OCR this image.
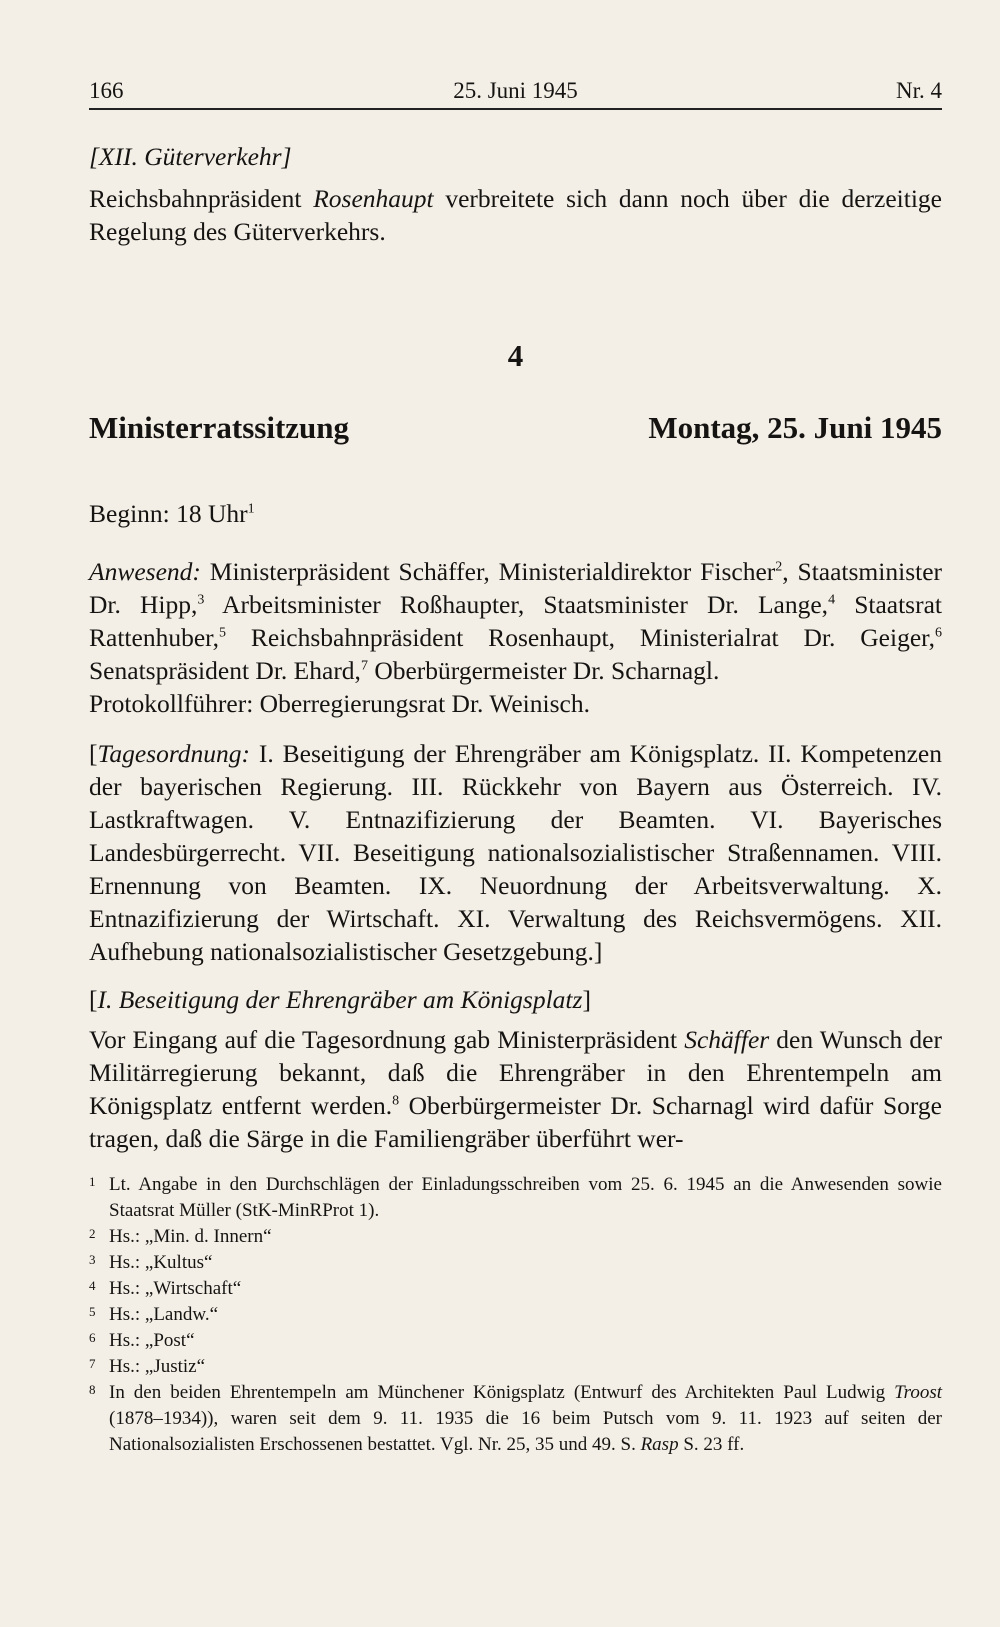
166	25. Juni 1945	Nr. 4
[XII. Güterverkehr]
Reichsbahnpräsident Rosenhaupt verbreitete sich dann noch über die derzeitige Regelung des Güterverkehrs.
4
Ministerratssitzung	Montag, 25. Juni 1945
Beginn: 18 Uhr$^1$
Anwesend: Ministerpräsident Schäffer, Ministerialdirektor Fischer$^2$, Staatsminister Dr. Hipp,$^3$ Arbeitsminister Roßhaupter, Staatsminister Dr. Lange,$^4$ Staatsrat Rattenhuber,$^5$ Reichsbahnpräsident Rosenhaupt, Ministerialrat Dr. Geiger,$^6$ Senatspräsident Dr. Ehard,$^7$ Oberbürgermeister Dr. Scharnagl.
Protokollführer: Oberregierungsrat Dr. Weinisch.
[Tagesordnung: I. Beseitigung der Ehrengräber am Königsplatz. II. Kompetenzen der bayerischen Regierung. III. Rückkehr von Bayern aus Österreich. IV. Lastkraftwagen. V. Entnazifizierung der Beamten. VI. Bayerisches Landesbürgerrecht. VII. Beseitigung nationalsozialistischer Straßennamen. VIII. Ernennung von Beamten. IX. Neuordnung der Arbeitsverwaltung. X. Entnazifizierung der Wirtschaft. XI. Verwaltung des Reichsvermögens. XII. Aufhebung nationalsozialistischer Gesetzgebung.]
[I. Beseitigung der Ehrengräber am Königsplatz]
Vor Eingang auf die Tagesordnung gab Ministerpräsident Schäffer den Wunsch der Militärregierung bekannt, daß die Ehrengräber in den Ehrentempeln am Königsplatz entfernt werden.$^8$ Oberbürgermeister Dr. Scharnagl wird dafür Sorge tragen, daß die Särge in die Familiengräber überführt wer-
1 Lt. Angabe in den Durchschlägen der Einladungsschreiben vom 25. 6. 1945 an die Anwesenden sowie Staatsrat Müller (StK-MinRProt 1).
2 Hs.: „Min. d. Innern“
3 Hs.: „Kultus“
4 Hs.: „Wirtschaft“
5 Hs.: „Landw.“
6 Hs.: „Post“
7 Hs.: „Justiz“
8 In den beiden Ehrentempeln am Münchener Königsplatz (Entwurf des Architekten Paul Ludwig Troost (1878–1934)), waren seit dem 9. 11. 1935 die 16 beim Putsch vom 9. 11. 1923 auf seiten der Nationalsozialisten Erschossenen bestattet. Vgl. Nr. 25, 35 und 49. S. Rasp S. 23 ff.
